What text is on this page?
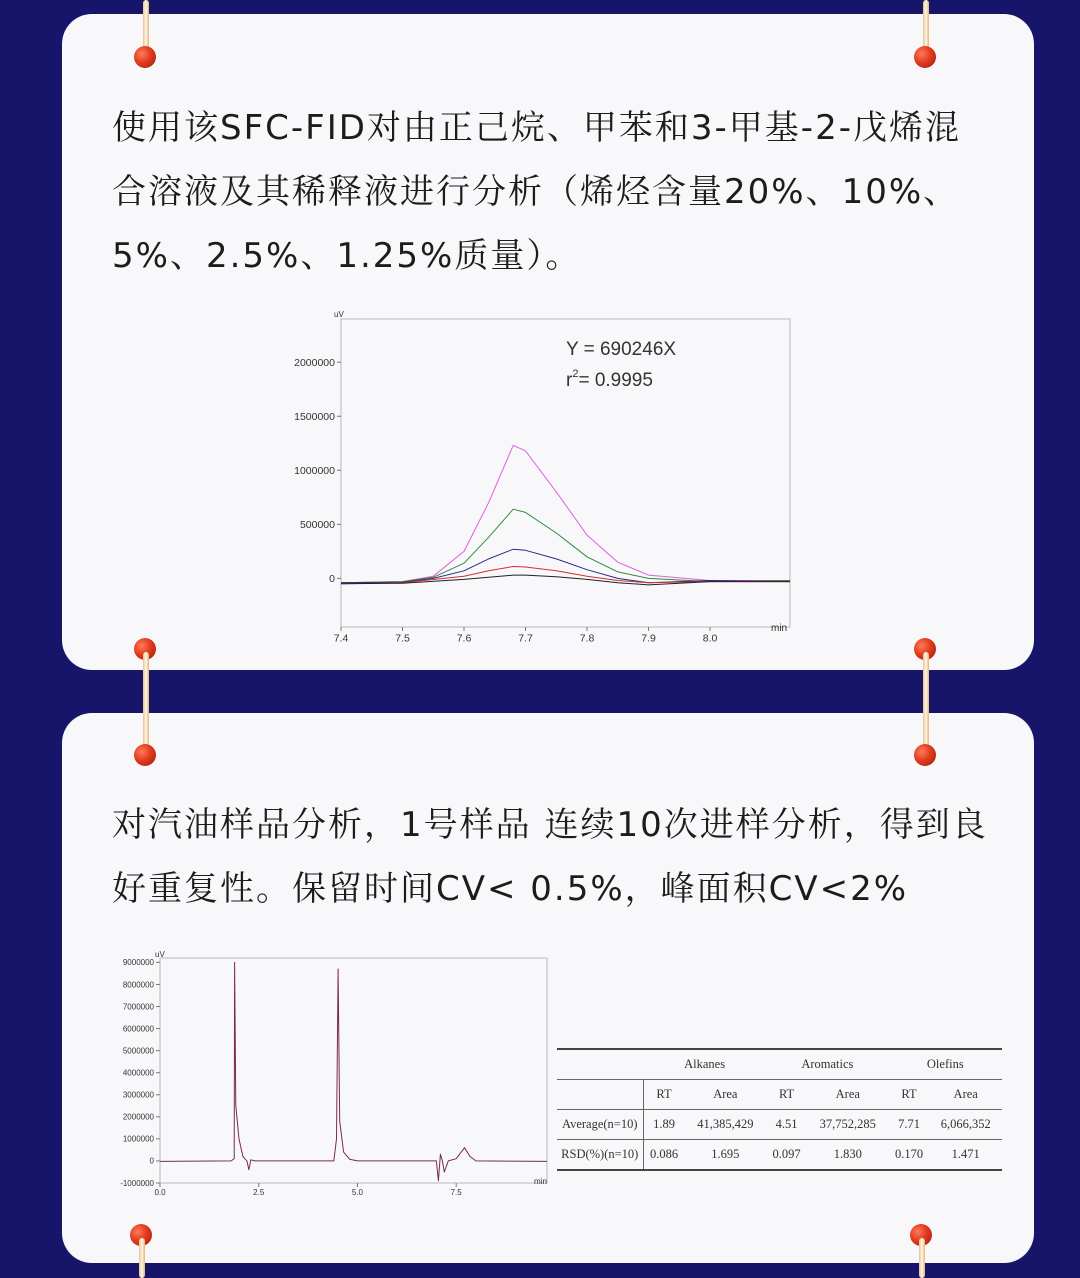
使用该SFC-FID对由正己烷、甲苯和3-甲基-2-戊烯混合溶液及其稀释液进行分析（烯烃含量20%、10%、5%、2.5%、1.25%质量）。

uV
min
Y = 690246X
$r^2= 0.9995$
0
500000
1000000
1500000
2000000
7.4	7.5	7.6	7.7	7.8	7.9	8.0

对汽油样品分析，1号样品 连续10次进样分析，得到良好重复性。保留时间CV< 0.5%，峰面积CV<2%

uV
min
-1000000
0
1000000
2000000
3000000
4000000
5000000
6000000
7000000
8000000
9000000
0.0	2.5	5.0	7.5
	Alkanes		Aromatics		Olefins	
	RT	Area	RT	Area	RT	Area
Average(n=10)	1.89	41,385,429	4.51	37,752,285	7.71	6,066,352
RSD(%)(n=10)	0.086	1.695	0.097	1.830	0.170	1.471
